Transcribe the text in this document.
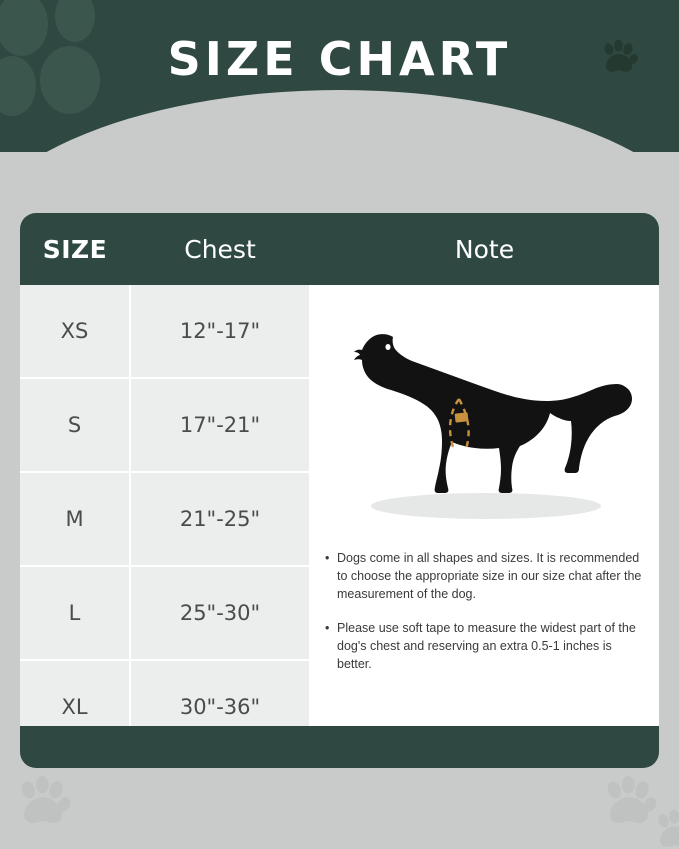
SIZE CHART
SIZE	Chest	Note
XS	12"-17"	• Dogs come in all shapes and sizes. It is recommended to choose the appropriate size in our size chat after the measurement of the dog.
• Please use soft tape to measure the widest part of the dog's chest and reserving an extra 0.5-1 inches is better.

S	17"-21"	
M	21"-25"	
L	25"-30"	
XL	30"-36"	
